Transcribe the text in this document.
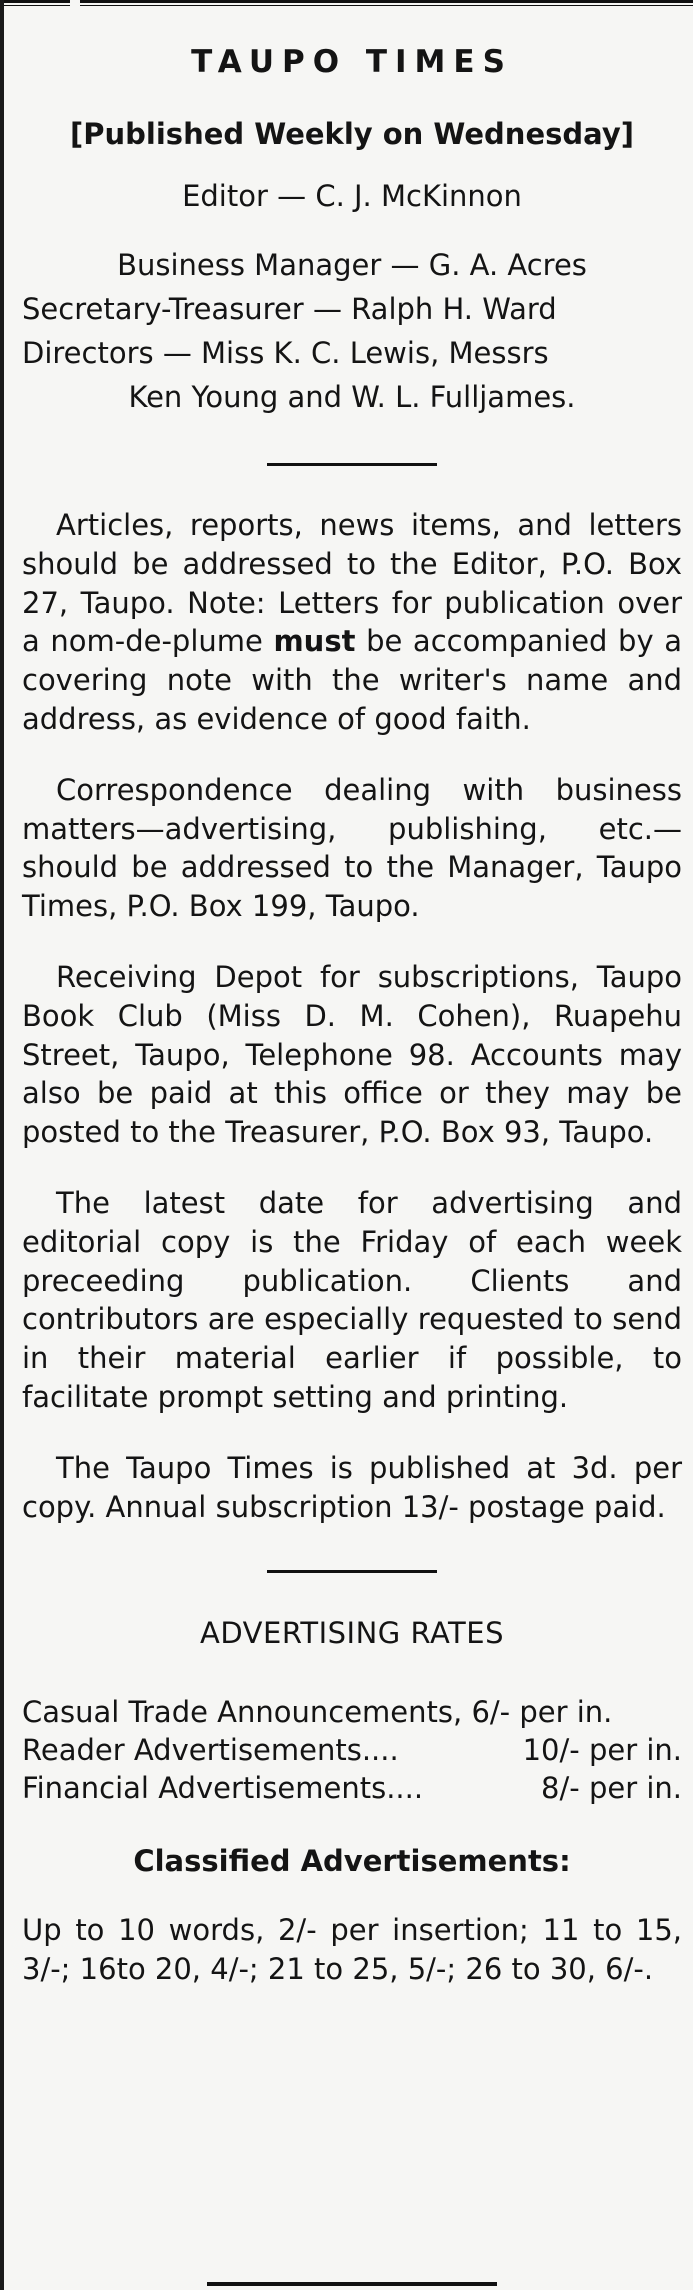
TAUPO TIMES
[Published Weekly on Wednesday]
Editor — C. J. McKinnon
Business Manager — G. A. Acres
Secretary-Treasurer — Ralph H. Ward
Directors — Miss K. C. Lewis, Messrs
Ken Young and W. L. Fulljames.

Articles, reports, news items, and letters should be addressed to the Editor, P.O. Box 27, Taupo. Note: Letters for publication over a nom-de-plume must be accompanied by a covering note with the writer's name and address, as evidence of good faith.

Correspondence dealing with business matters—advertising, publishing, etc.—should be addressed to the Manager, Taupo Times, P.O. Box 199, Taupo.

Receiving Depot for subscriptions, Taupo Book Club (Miss D. M. Cohen), Ruapehu Street, Taupo, Telephone 98. Accounts may also be paid at this office or they may be posted to the Treasurer, P.O. Box 93, Taupo.

The latest date for advertising and editorial copy is the Friday of each week preceeding publication. Clients and contributors are especially requested to send in their material earlier if possible, to facilitate prompt setting and printing.

The Taupo Times is published at 3d. per copy. Annual subscription 13/- postage paid.

ADVERTISING RATES
Casual Trade Announcements, 6/- per in.
Reader Advertisements ....	10/- per in.
Financial Advertisements ....	8/- per in.
Classified Advertisements:

Up to 10 words, 2/- per insertion; 11 to 15, 3/-; 16to 20, 4/-; 21 to 25, 5/-; 26 to 30, 6/-.
